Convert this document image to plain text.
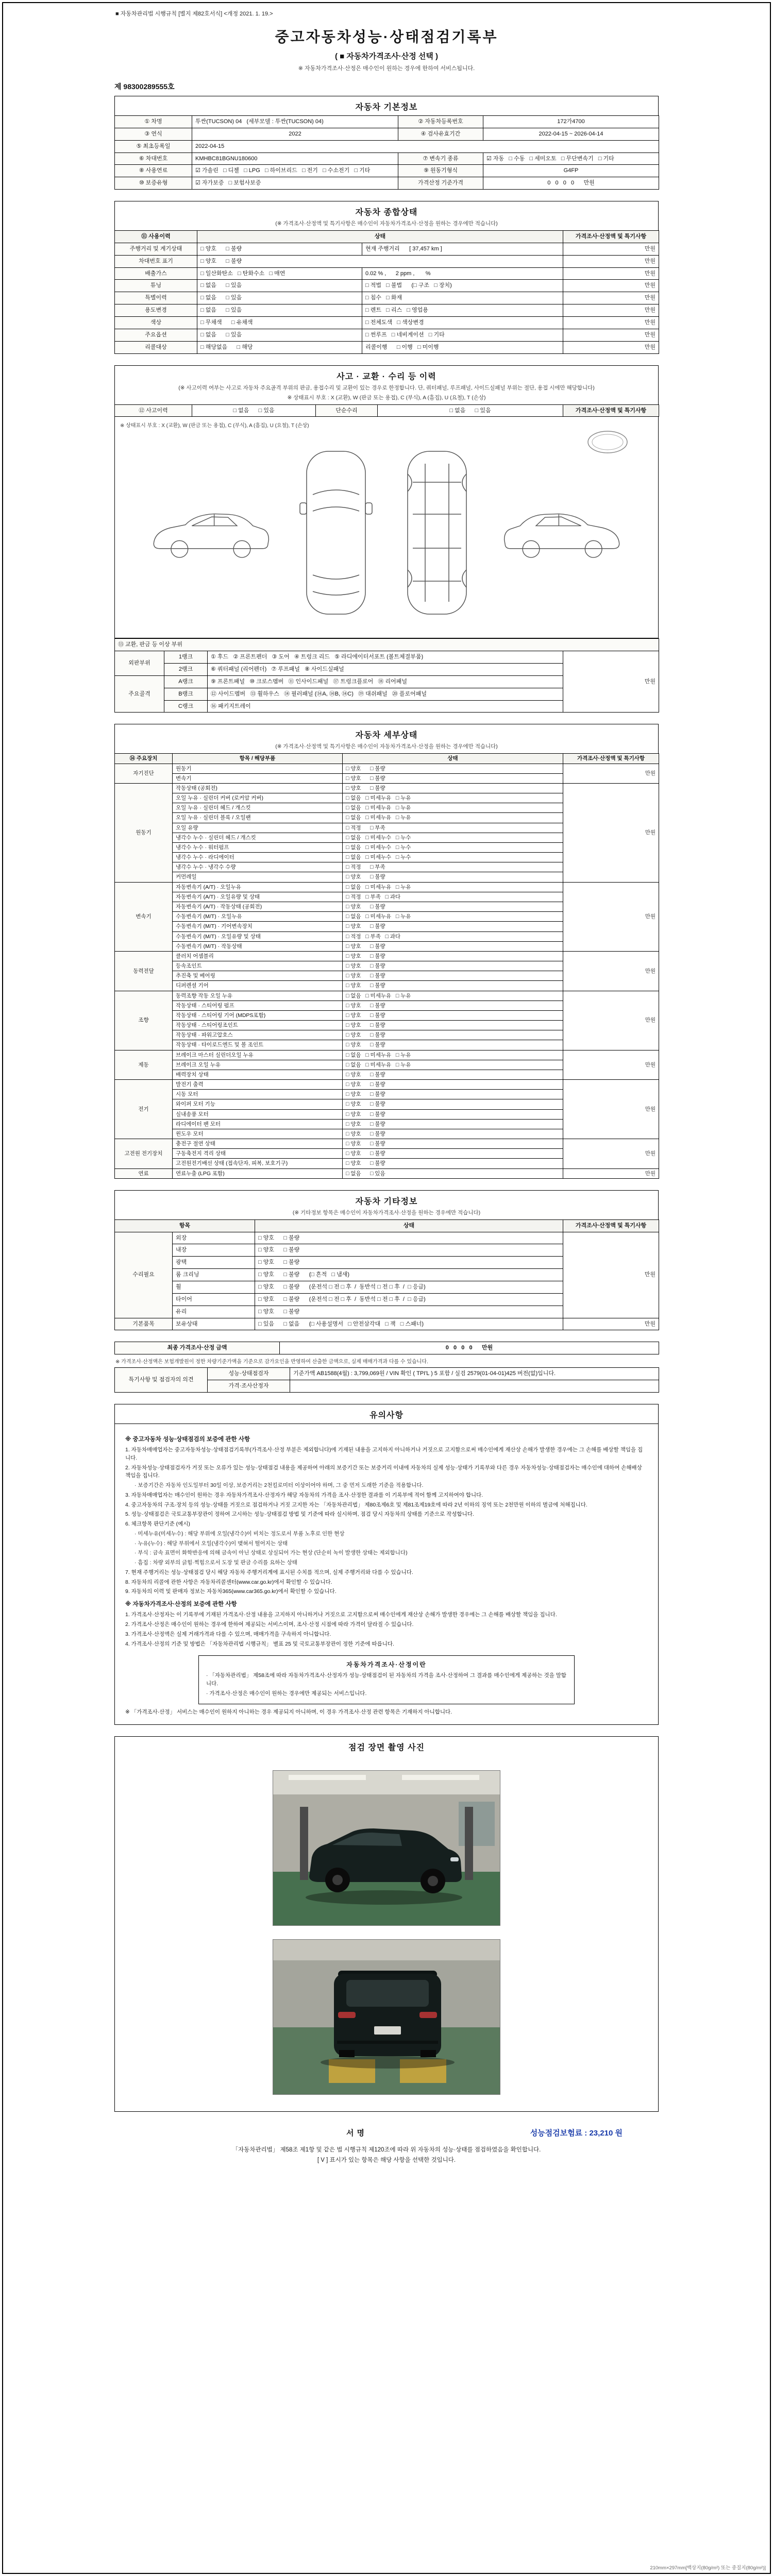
■ 자동차관리법 시행규칙 [별지 제82호서식] <개정 2021. 1. 19.>
중고자동차성능·상태점검기록부
( ■ 자동차가격조사·산정 선택 )
※ 자동차가격조사·산정은 매수인이 원하는 경우에 한하여 서비스됩니다.
제 98300289555호
자동차 기본정보
① 차명	투싼(TUCSON) 04   (세부모델 : 투싼(TUCSON) 04)	② 자동차등록번호	172가4700
③ 연식	2022	④ 검사유효기간	2022-04-15 ~ 2026-04-14
⑤ 최초등록일	2022-04-15		
⑥ 차대번호	KMHBC81BGNU180600	⑦ 변속기 종류	☑ 자동   □ 수동   □ 세미오토   □ 무단변속기   □ 기타
⑧ 사용연료	☑ 가솔린   □ 디젤   □ LPG   □ 하이브리드   □ 전기   □ 수소전기   □ 기타	⑨ 원동기형식	G4FP
⑩ 보증유형	☑ 자가보증   □ 보험사보증	가격산정 기준가격	0   0   0   0      만원
자동차 종합상태
(※ 가격조사·산정액 및 특기사항은 매수인이 자동차가격조사·산정을 원하는 경우에만 적습니다)
⑪ 사용이력	상태		가격조사·산정액 및 특기사항
주행거리 및 계기상태	□ 양호      □ 불량	현재 주행거리      [ 37,457 km ]	만원
차대번호 표기	□ 양호      □ 불량		만원
배출가스	□ 일산화탄소   □ 탄화수소   □ 매연	0.02 % ,      2 ppm ,       %	만원
튜닝	□ 없음      □ 있음	□ 적법   □ 불법      (□ 구조   □ 장치)	만원
특별이력	□ 없음      □ 있음	□ 침수   □ 화재	만원
용도변경	□ 없음      □ 있음	□ 렌트   □ 리스   □ 영업용	만원
색상	□ 무채색      □ 유채색	□ 전체도색   □ 색상변경	만원
주요옵션	□ 없음      □ 있음	□ 썬루프   □ 네비게이션   □ 기타	만원
리콜대상	□ 해당없음      □ 해당	리콜이행      □ 이행   □ 미이행	만원
사고 · 교환 · 수리 등 이력
(※ 사고이력 여부는 사고로 자동차 주요골격 부위의 판금, 용접수리 및 교환이 있는 경우로 한정합니다. 단, 쿼터패널, 루프패널, 사이드실패널 부위는 절단, 용접 시에만 해당합니다)
※ 상태표시 부호 : X (교환), W (판금 또는 용접), C (부식), A (흠집), U (요철), T (손상)
⑫ 사고이력	□ 없음      □ 있음	단순수리	□ 없음      □ 있음	가격조사·산정액 및 특기사항
※ 상태표시 부호 : X (교환), W (판금 또는 용접), C (부식), A (흠집), U (요철), T (손상)
⑬ 교환, 판금 등 이상 부위			
외판부위	1랭크	① 후드   ② 프론트펜더   ③ 도어   ④ 트렁크 리드   ⑤ 라디에이터서포트 (볼트체결부품)	만원
	2랭크	⑥ 쿼터패널 (리어펜더)   ⑦ 루프패널   ⑧ 사이드실패널	
주요골격	A랭크	⑨ 프론트패널   ⑩ 크로스멤버   ⑪ 인사이드패널   ⑰ 트렁크플로어   ⑱ 리어패널	
	B랭크	⑫ 사이드멤버   ⑬ 휠하우스   ⑭ 필러패널 (⑭A, ⑭B, ⑭C)   ⑲ 대쉬패널   ⑳ 플로어패널	
	C랭크	⑯ 패키지트레이	
자동차 세부상태
(※ 가격조사·산정액 및 특기사항은 매수인이 자동차가격조사·산정을 원하는 경우에만 적습니다)
⑭ 주요장치	항목 / 해당부품	상태	가격조사·산정액 및 특기사항
자기진단	원동기	□ 양호      □ 불량	만원
	변속기	□ 양호      □ 불량	
원동기	작동상태 (공회전)	□ 양호      □ 불량	만원
	오일 누유 · 실린더 커버 (로커암 커버)	□ 없음   □ 미세누유   □ 누유	
	오일 누유 · 실린더 헤드 / 개스킷	□ 없음   □ 미세누유   □ 누유	
	오일 누유 · 실린더 블록 / 오일팬	□ 없음   □ 미세누유   □ 누유	
	오일 유량	□ 적정      □ 부족	
	냉각수 누수 · 실린더 헤드 / 개스킷	□ 없음   □ 미세누수   □ 누수	
	냉각수 누수 · 워터펌프	□ 없음   □ 미세누수   □ 누수	
	냉각수 누수 · 라디에이터	□ 없음   □ 미세누수   □ 누수	
	냉각수 누수 · 냉각수 수량	□ 적정      □ 부족	
	커먼레일	□ 양호      □ 불량	
변속기	자동변속기 (A/T) · 오일누유	□ 없음   □ 미세누유   □ 누유	만원
	자동변속기 (A/T) · 오일유량 및 상태	□ 적정   □ 부족   □ 과다	
	자동변속기 (A/T) · 작동상태 (공회전)	□ 양호      □ 불량	
	수동변속기 (M/T) · 오일누유	□ 없음   □ 미세누유   □ 누유	
	수동변속기 (M/T) · 기어변속장치	□ 양호      □ 불량	
	수동변속기 (M/T) · 오일유량 및 상태	□ 적정   □ 부족   □ 과다	
	수동변속기 (M/T) · 작동상태	□ 양호      □ 불량	
동력전달	클러치 어셈블리	□ 양호      □ 불량	만원
	등속조인트	□ 양호      □ 불량	
	추진축 및 베어링	□ 양호      □ 불량	
	디퍼렌셜 기어	□ 양호      □ 불량	
조향	동력조향 작동 오일 누유	□ 없음   □ 미세누유   □ 누유	만원
	작동상태 · 스티어링 펌프	□ 양호      □ 불량	
	작동상태 · 스티어링 기어 (MDPS포함)	□ 양호      □ 불량	
	작동상태 · 스티어링조인트	□ 양호      □ 불량	
	작동상태 · 파워고압호스	□ 양호      □ 불량	
	작동상태 · 타이로드엔드 및 볼 조인트	□ 양호      □ 불량	
제동	브레이크 마스터 실린더오일 누유	□ 없음   □ 미세누유   □ 누유	만원
	브레이크 오일 누유	□ 없음   □ 미세누유   □ 누유	
	배력장치 상태	□ 양호      □ 불량	
전기	발전기 출력	□ 양호      □ 불량	만원
	시동 모터	□ 양호      □ 불량	
	와이퍼 모터 기능	□ 양호      □ 불량	
	실내송풍 모터	□ 양호      □ 불량	
	라디에이터 팬 모터	□ 양호      □ 불량	
	윈도우 모터	□ 양호      □ 불량	
고전원 전기장치	충전구 절연 상태	□ 양호      □ 불량	만원
	구동축전지 격리 상태	□ 양호      □ 불량	
	고전원전기배선 상태 (접속단자, 피복, 보호기구)	□ 양호      □ 불량	
연료	연료누출 (LPG 포함)	□ 없음      □ 있음	만원
자동차 기타정보
(※ 기타정보 항목은 매수인이 자동차가격조사·산정을 원하는 경우에만 적습니다)
항목		상태	가격조사·산정액 및 특기사항
수리필요	외장	□ 양호      □ 불량	만원
	내장	□ 양호      □ 불량	
	광택	□ 양호      □ 불량	
	룸 크리닝	□ 양호      □ 불량      (□ 흔적   □ 냄새)	
	휠	□ 양호      □ 불량      (운전석 □ 전 □ 후  /  동반석 □ 전 □ 후  /  □ 응급)	
	타이어	□ 양호      □ 불량      (운전석 □ 전 □ 후  /  동반석 □ 전 □ 후  /  □ 응급)	
	유리	□ 양호      □ 불량	
기본품목	보유상태	□ 있음      □ 없음      (□ 사용설명서   □ 안전삼각대   □ 잭   □ 스패너)	만원
최종 가격조사·산정 금액	0   0   0   0      만원
※ 가격조사·산정액은 보험개발원이 정한 차량기준가액을 기준으로 감가요인을 반영하여 산출한 금액으로, 실제 매매가격과 다를 수 있습니다.
특기사항 및 점검자의 의견	성능·상태점검자	기준가액 AB1588(4월) : 3,799,069원 / VIN 확인 ( TPI'L ) 5 포함 / 실검 2579(01-04-01)425 버전(없)입니다.
	가격·조사산정자	
유의사항
※ 중고자동차 성능·상태점검의 보증에 관한 사항
1. 자동차매매업자는 중고자동차성능·상태점검기록부(가격조사·산정 부분은 제외합니다)에 기재된 내용을 고지하지 아니하거나 거짓으로 고지함으로써 매수인에게 재산상 손해가 발생한 경우에는 그 손해를 배상할 책임을 집니다.
2. 자동차성능·상태점검자가 거짓 또는 오류가 있는 성능·상태점검 내용을 제공하여 아래의 보증기간 또는 보증거리 이내에 자동차의 실제 성능·상태가 기록부와 다른 경우 자동차성능·상태점검자는 매수인에 대하여 손해배상 책임을 집니다.
· 보증기간은 자동차 인도일부터 30일 이상, 보증거리는 2천킬로미터 이상이어야 하며, 그 중 먼저 도래한 기준을 적용합니다.
3. 자동차매매업자는 매수인이 원하는 경우 자동차가격조사·산정자가 해당 자동차의 가격을 조사·산정한 결과를 이 기록부에 적어 함께 고지하여야 합니다.
4. 중고자동차의 구조·장치 등의 성능·상태를 거짓으로 점검하거나 거짓 고지한 자는 「자동차관리법」 제80조제6호 및 제81조제19호에 따라 2년 이하의 징역 또는 2천만원 이하의 벌금에 처해집니다.
5. 성능·상태점검은 국토교통부장관이 정하여 고시하는 성능·상태점검 방법 및 기준에 따라 실시하며, 점검 당시 자동차의 상태를 기준으로 작성합니다.
6. 체크항목 판단기준 (예시)
· 미세누유(미세누수) : 해당 부위에 오일(냉각수)이 비치는 정도로서 부품 노후로 인한 현상
· 누유(누수) : 해당 부위에서 오일(냉각수)이 맺혀서 떨어지는 상태
· 부식 : 금속 표면이 화학반응에 의해 금속이 아닌 상태로 상실되어 가는 현상 (단순히 녹이 발생한 상태는 제외합니다)
· 흠집 : 차량 외부의 긁힘·찍힘으로서 도장 및 판금 수리를 요하는 상태
7. 현재 주행거리는 성능·상태점검 당시 해당 자동차 주행거리계에 표시된 수치를 적으며, 실제 주행거리와 다를 수 있습니다.
8. 자동차의 리콜에 관한 사항은 자동차리콜센터(www.car.go.kr)에서 확인할 수 있습니다.
9. 자동차의 이력 및 판매자 정보는 자동차365(www.car365.go.kr)에서 확인할 수 있습니다.
※ 자동차가격조사·산정의 보증에 관한 사항
1. 가격조사·산정자는 이 기록부에 기재된 가격조사·산정 내용을 고지하지 아니하거나 거짓으로 고지함으로써 매수인에게 재산상 손해가 발생한 경우에는 그 손해를 배상할 책임을 집니다.
2. 가격조사·산정은 매수인이 원하는 경우에 한하여 제공되는 서비스이며, 조사·산정 시점에 따라 가격이 달라질 수 있습니다.
3. 가격조사·산정액은 실제 거래가격과 다를 수 있으며, 매매가격을 구속하지 아니합니다.
4. 가격조사·산정의 기준 및 방법은 「자동차관리법 시행규칙」 별표 25 및 국토교통부장관이 정한 기준에 따릅니다.
자동차가격조사·산정이란
· 「자동차관리법」 제58조에 따라 자동차가격조사·산정자가 성능·상태점검이 된 자동차의 가격을 조사·산정하여 그 결과를 매수인에게 제공하는 것을 말합니다.
· 가격조사·산정은 매수인이 원하는 경우에만 제공되는 서비스입니다.
※ 「가격조사·산정」 서비스는 매수인이 원하지 아니하는 경우 제공되지 아니하며, 이 경우 가격조사·산정 관련 항목은 기재하지 아니합니다.
점검 장면 촬영 사진
서명	성능점검보험료 : 23,210 원
「자동차관리법」 제58조 제1항 및 같은 법 시행규칙 제120조에 따라 위 자동차의 성능·상태를 점검하였음을 확인합니다.
[ V ] 표시가 있는 항목은 해당 사항을 선택한 것입니다.
210mm×297mm[백상지(80g/m²) 또는 중질지(80g/m²)]
